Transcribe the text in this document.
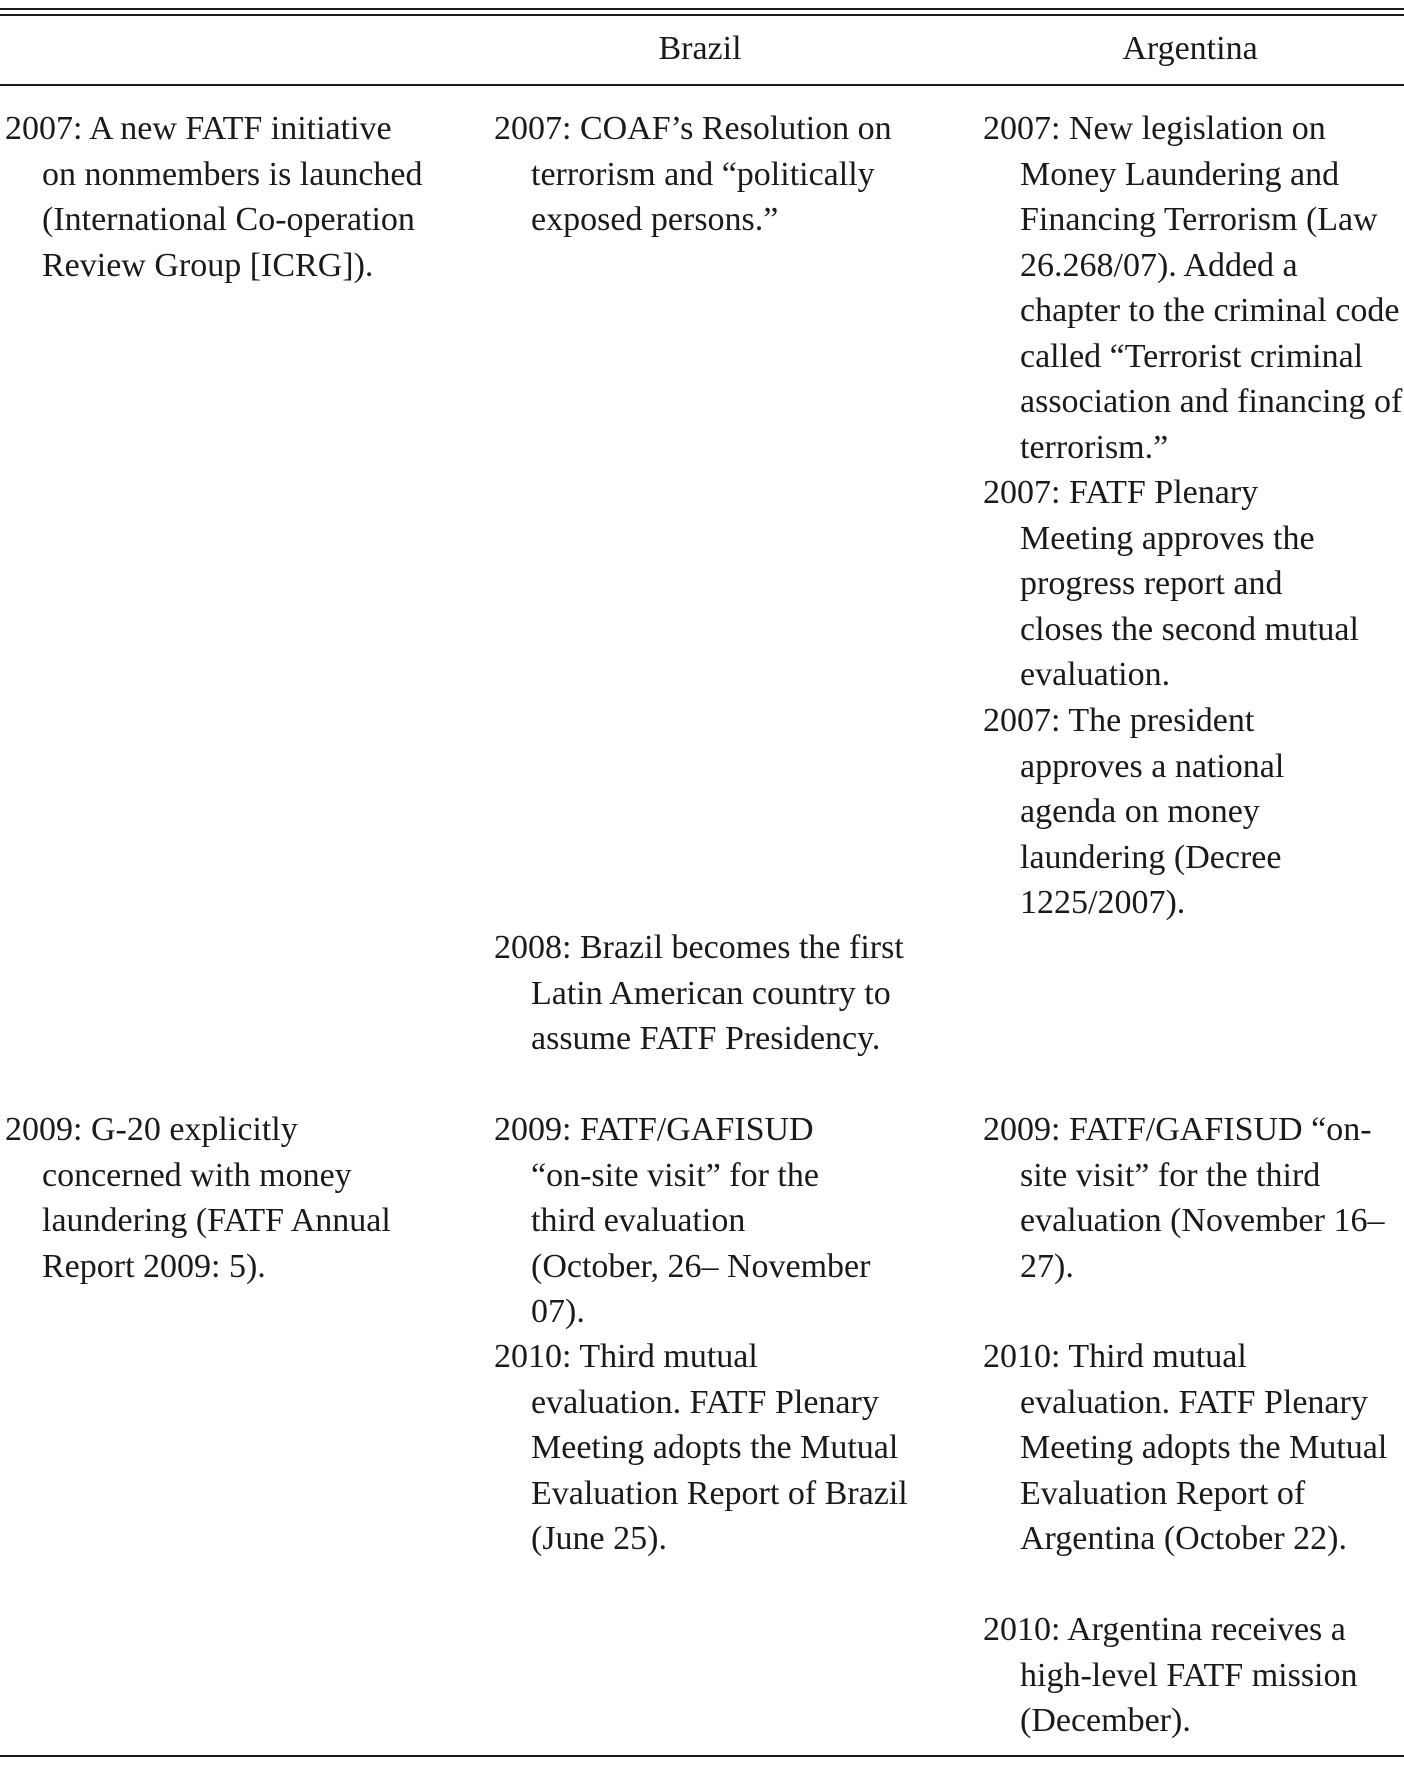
Brazil	Argentina
2007: A new FATF initiative on nonmembers is launched (International Co-operation Review Group [ICRG]).
2009: G-20 explicitly concerned with money laundering (FATF Annual Report 2009: 5).
2007: COAF’s Resolution on terrorism and “politically exposed persons.”
2008: Brazil becomes the first Latin American country to assume FATF Presidency.
2009: FATF/GAFISUD “on-site visit” for the third evaluation (October, 26– November 07).
2010: Third mutual evaluation. FATF Plenary Meeting adopts the Mutual Evaluation Report of Brazil (June 25).
2007: New legislation on Money Laundering and Financing Terrorism (Law 26.268/07). Added a chapter to the criminal code called “Terrorist criminal association and financing of terrorism.”
2007: FATF Plenary Meeting approves the progress report and closes the second mutual evaluation.
2007: The president approves a national agenda on money laundering (Decree 1225/2007).
2009: FATF/GAFISUD “on-site visit” for the third evaluation (November 16–27).
2010: Third mutual evaluation. FATF Plenary Meeting adopts the Mutual Evaluation Report of Argentina (October 22).
2010: Argentina receives a high-level FATF mission (December).
